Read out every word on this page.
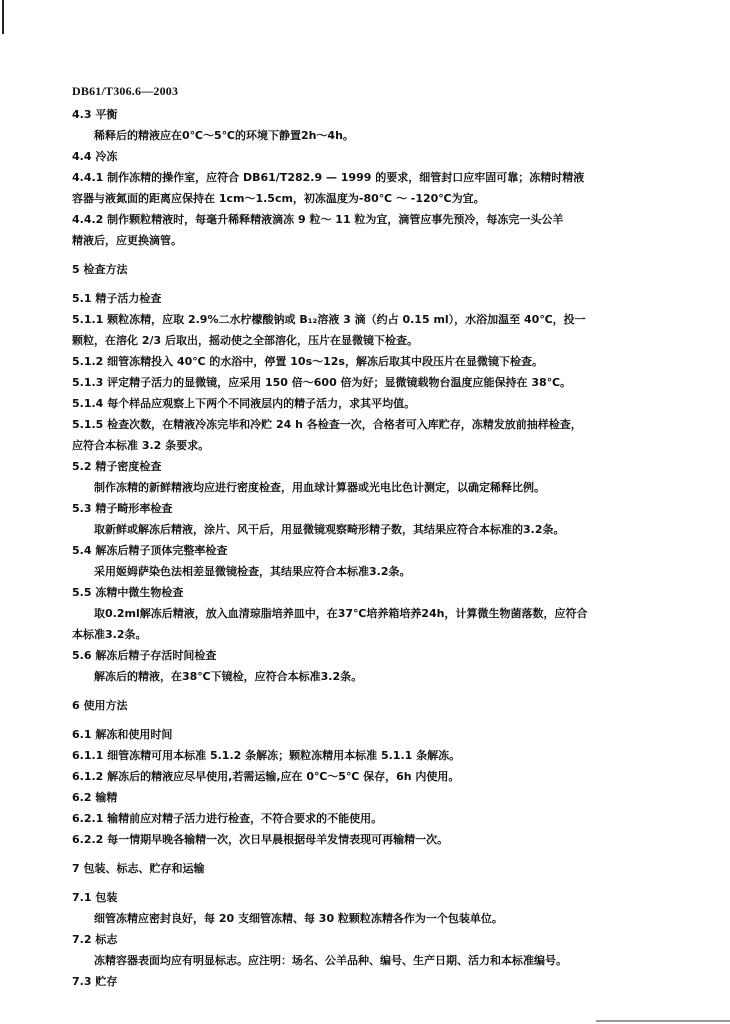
DB61/T306.6—2003
4.3 平衡
稀释后的精液应在0℃～5℃的环境下静置2h～4h。
4.4 冷冻
4.4.1 制作冻精的操作室，应符合 DB61/T282.9 — 1999 的要求，细管封口应牢固可靠；冻精时精液
容器与液氮面的距离应保持在 1cm～1.5cm，初冻温度为-80℃ ～ -120℃为宜。
4.4.2 制作颗粒精液时，每毫升稀释精液滴冻 9 粒～ 11 粒为宜，滴管应事先预冷，每冻完一头公羊
精液后，应更换滴管。
5 检查方法
5.1 精子活力检查
5.1.1 颗粒冻精，应取 2.9%二水柠檬酸钠或 B₁₂溶液 3 滴（约占 0.15 ml），水浴加温至 40℃，投一
颗粒，在溶化 2/3 后取出，摇动使之全部溶化，压片在显微镜下检查。
5.1.2 细管冻精投入 40℃ 的水浴中，停置 10s～12s，解冻后取其中段压片在显微镜下检查。
5.1.3 评定精子活力的显微镜，应采用 150 倍～600 倍为好；显微镜载物台温度应能保持在 38℃。
5.1.4 每个样品应观察上下两个不同液层内的精子活力，求其平均值。
5.1.5 检查次数，在精液冷冻完毕和冷贮 24 h 各检查一次，合格者可入库贮存，冻精发放前抽样检查，
应符合本标准 3.2 条要求。
5.2 精子密度检查
制作冻精的新鲜精液均应进行密度检查，用血球计算器或光电比色计测定，以确定稀释比例。
5.3 精子畸形率检查
取新鲜或解冻后精液，涂片、风干后，用显微镜观察畸形精子数，其结果应符合本标准的3.2条。
5.4 解冻后精子顶体完整率检查
采用姬姆萨染色法相差显微镜检查，其结果应符合本标准3.2条。
5.5 冻精中微生物检查
取0.2ml解冻后精液，放入血清琼脂培养皿中，在37℃培养箱培养24h，计算微生物菌落数，应符合
本标准3.2条。
5.6 解冻后精子存活时间检查
解冻后的精液，在38℃下镜检，应符合本标准3.2条。
6 使用方法
6.1 解冻和使用时间
6.1.1 细管冻精可用本标准 5.1.2 条解冻；颗粒冻精用本标准 5.1.1 条解冻。
6.1.2 解冻后的精液应尽早使用,若需运输,应在 0℃～5℃ 保存，6h 内使用。
6.2 输精
6.2.1 输精前应对精子活力进行检查，不符合要求的不能使用。
6.2.2 每一情期早晚各输精一次，次日早晨根据母羊发情表现可再输精一次。
7 包装、标志、贮存和运输
7.1 包装
细管冻精应密封良好，每 20 支细管冻精、每 30 粒颗粒冻精各作为一个包装单位。
7.2 标志
冻精容器表面均应有明显标志。应注明：场名、公羊品种、编号、生产日期、活力和本标准编号。
7.3 贮存
